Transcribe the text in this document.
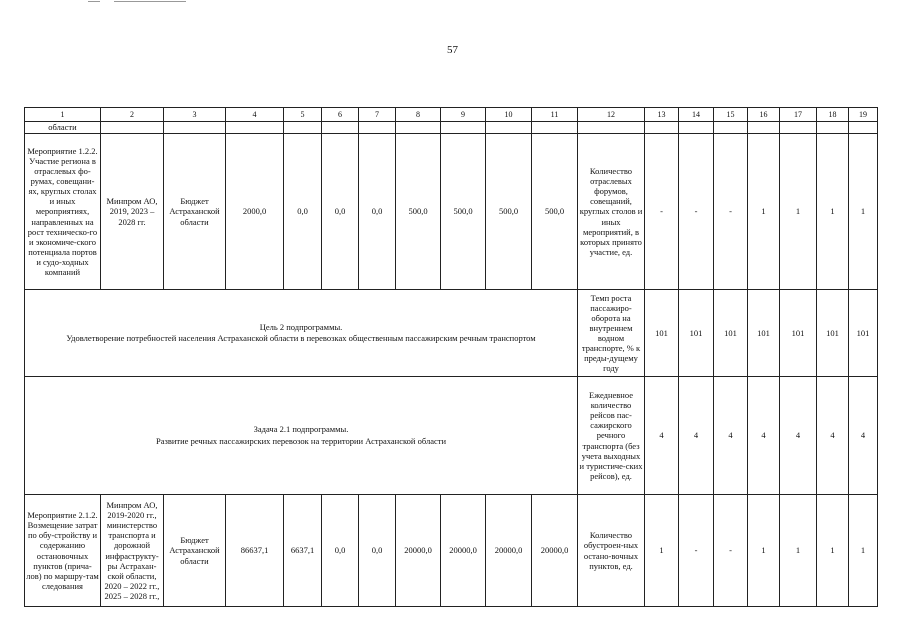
57
1	2	3	4	5	6	7	8	9	10	11	12	13	14	15	16	17	18	19
области																		
Мероприятие 1.2.2. Участие региона в отраслевых фо-румах, совещани-ях, круглых столах и иных мероприятиях, направленных на рост техническо-го и экономиче-ского потенциала портов и судо-ходных компаний	Минпром АО, 2019, 2023 – 2028 гг.	Бюджет Астраханской области	2000,0	0,0	0,0	0,0	500,0	500,0	500,0	500,0	Количество отраслевых форумов, совещаний, круглых столов и иных мероприятий, в которых принято участие, ед.	-	-	-	1	1	1	1

Цель 2 подпрограммы.
Удовлетворение потребностей населения Астраханской области в перевозках общественным пассажирским речным транспортом											Темп роста пассажиро-оборота на внутреннем водном транспорте, % к преды-дущему году	101	101	101	101	101	101	101

Задача 2.1 подпрограммы.
Развитие речных пассажирских перевозок на территории Астраханской области											Ежедневное количество рейсов пас-сажирского речного транспорта (без учета выходных и туристиче-ских рейсов), ед.	4	4	4	4	4	4	4
Мероприятие 2.1.2. Возмещение затрат по обу-стройству и содержанию остановочных пунктов (прича-лов) по маршру-там следования	Минпром АО, 2019-2020 гг., министерство транспорта и дорожной инфраструкту-ры Астрахан-ской области, 2020 – 2022 гг., 2025 – 2028 гг.,	Бюджет Астраханской области	86637,1	6637,1	0,0	0,0	20000,0	20000,0	20000,0	20000,0	Количество обустроен-ных остано-вочных пунктов, ед.	1	-	-	1	1	1	1
